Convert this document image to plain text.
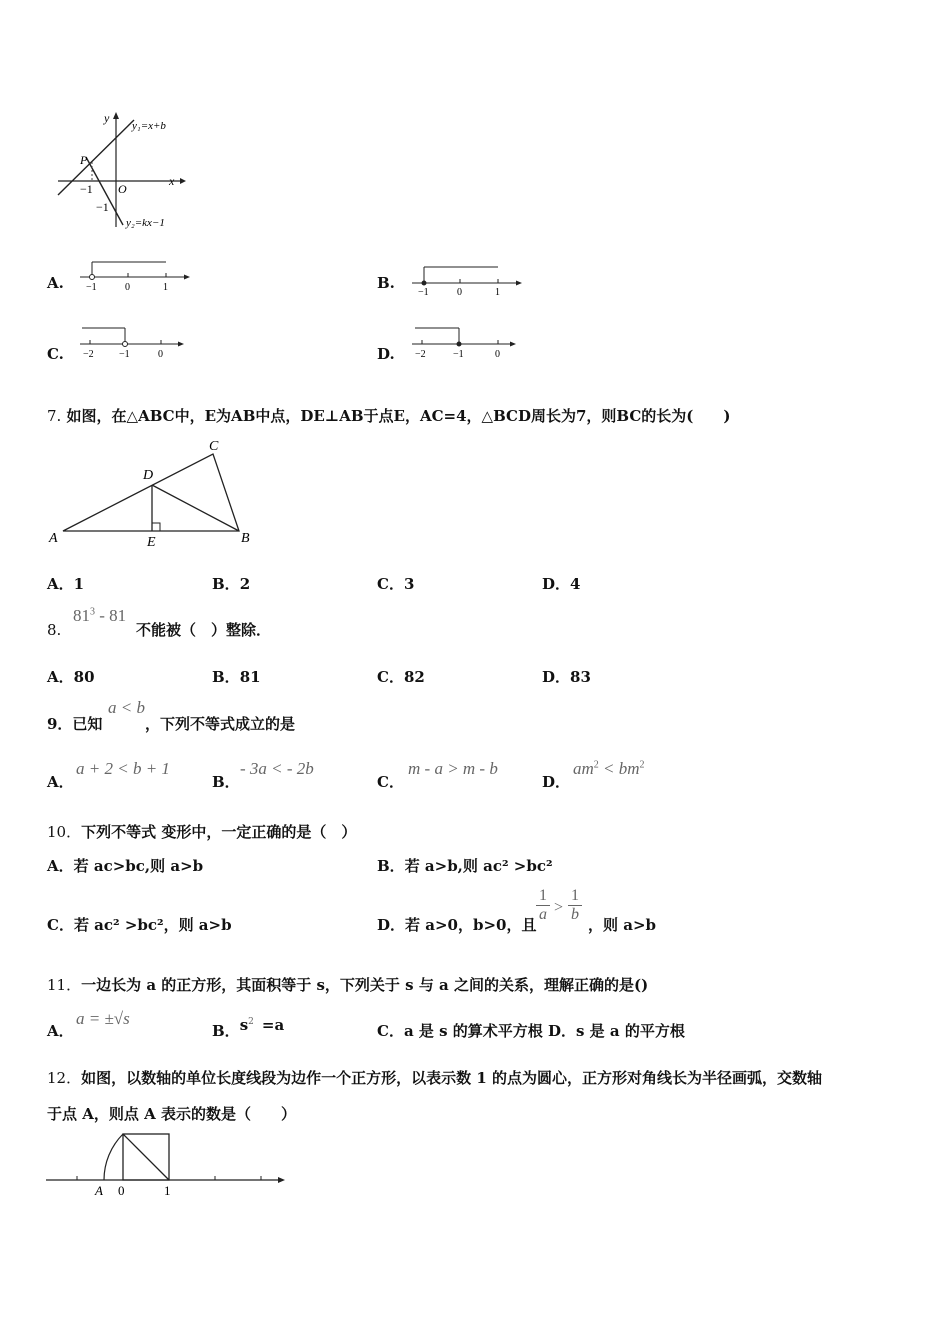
y
x
y₁=x+b
y₂=kx−1
P
O
−1
−1
A. −1	0	1	B.
−1	0	1
C. −2	−1	0	D. −2	−1	0
7. 如图，在△ABC中，E为AB中点，DE⊥AB于点E，AC=4，△BCD周长为7，则BC的长为(　　)
A	B
C
D
E
A．1	B．2	C．3	D．4
8.
$81^3 - 81$
不能被（　）整除．
A．80	B．81	C．82	D．83
9．已知
a < b
，下列不等式成立的是
A．
a + 2 < b + 1
B．
- 3a < - 2b
C．
m - a > m - b
D．
$am^2 < bm^2$
10．下列不等式 变形中，一定正确的是（　）
A．若 ac>bc,则 a>b	B．若 a>b,则 ac² >bc²
C．若 ac² >bc²，则 a>b	D．若 a>0，b>0，且
$\frac{1}{a} > \frac{1}{b}$
，则 a>b
11．一边长为 a 的正方形，其面积等于 s，下列关于 s 与 a 之间的关系，理解正确的是()
A．
a = ±√s
B．$s^2 =a$	C．a 是 s 的算术平方根 D．s 是 a 的平方根
12．如图，以数轴的单位长度线段为边作一个正方形，以表示数 1 的点为圆心，正方形对角线长为半径画弧，交数轴
于点 A，则点 A 表示的数是（　　）
A 0	1
